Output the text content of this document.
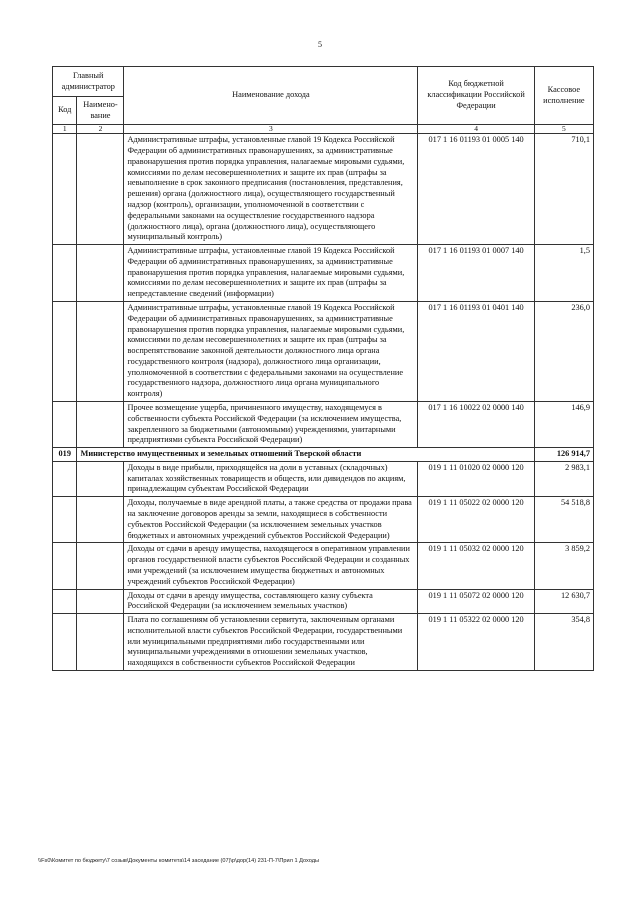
5
Главный администратор		Наименование дохода	Код бюджетной классификации Российской Федерации	Кассовое исполнение
Код	Наимено-вание			
1	2	3	4	5
		Административные штрафы, установленные главой 19 Кодекса Российской Федерации об административных правонарушениях, за административные правонарушения против порядка управления, налагаемые мировыми судьями, комиссиями по делам несовершеннолетних и защите их прав (штрафы за невыполнение в срок законного предписания (постановления, представления, решения) органа (должностного лица), осуществляющего государственный надзор (контроль), организации, уполномоченной в соответствии с федеральными законами на осуществление государственного надзора (должностного лица), органа (должностного лица), осуществляющего муниципальный контроль)	017 1 16 01193 01 0005 140	710,1
		Административные штрафы, установленные главой 19 Кодекса Российской Федерации об административных правонарушениях, за административные правонарушения против порядка управления, налагаемые мировыми судьями, комиссиями по делам несовершеннолетних и защите их прав (штрафы за непредставление сведений (информации)	017 1 16 01193 01 0007 140	1,5
		Административные штрафы, установленные главой 19 Кодекса Российской Федерации об административных правонарушениях, за административные правонарушения против порядка управления, налагаемые мировыми судьями, комиссиями по делам несовершеннолетних и защите их прав (штрафы за воспрепятствование законной деятельности должностного лица органа государственного контроля (надзора), должностного лица организации, уполномоченной в соответствии с федеральными законами на осуществление государственного надзора, должностного лица органа муниципального контроля)	017 1 16 01193 01 0401 140	236,0
		Прочее возмещение ущерба, причиненного имуществу, находящемуся в собственности субъекта Российской Федерации (за исключением имущества, закрепленного за бюджетными (автономными) учреждениями, унитарными предприятиями субъекта Российской Федерации)	017 1 16 10022 02 0000 140	146,9
019	Министерство имущественных и земельных отношений Тверской области			126 914,7
		Доходы в виде прибыли, приходящейся на доли в уставных (складочных) капиталах хозяйственных товариществ и обществ, или дивидендов по акциям, принадлежащим субъектам Российской Федерации	019 1 11 01020 02 0000 120	2 983,1
		Доходы, получаемые в виде арендной платы, а также средства от продажи права на заключение договоров аренды за земли, находящиеся в собственности субъектов Российской Федерации (за исключением земельных участков бюджетных и автономных учреждений субъектов Российской Федерации)	019 1 11 05022 02 0000 120	54 518,8
		Доходы от сдачи в аренду имущества, находящегося в оперативном управлении органов государственной власти субъектов Российской Федерации и созданных ими учреждений (за исключением имущества бюджетных и автономных учреждений субъектов Российской Федерации)	019 1 11 05032 02 0000 120	3 859,2
		Доходы от сдачи в аренду имущества, составляющего казну субъекта Российской Федерации (за исключением земельных участков)	019 1 11 05072 02 0000 120	12 630,7
		Плата по соглашениям об установлении сервитута, заключенным органами исполнительной власти субъектов Российской Федерации, государственными или муниципальными предприятиями либо государственными или муниципальными учреждениями в отношении земельных участков, находящихся в собственности субъектов Российской Федерации	019 1 11 05322 02 0000 120	354,8
\\Fs0\Комитет по бюджету\7 созыв\Документы комитета\14 заседание (07)\р\дор(14) 231-П-7\Прил 1 Доходы
